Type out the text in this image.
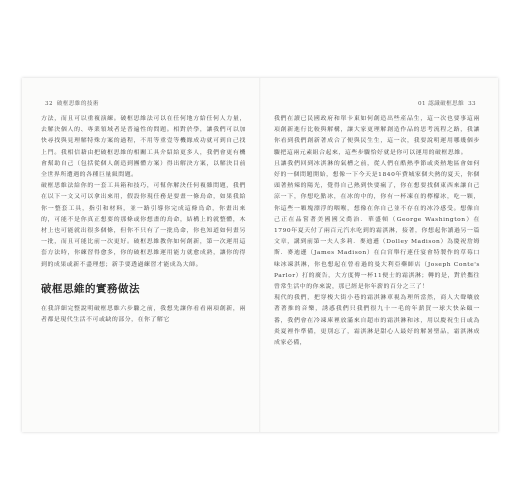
32 破框思維的技術

方法，而且可以重複演練。破框思維法可以在任何地方給任何人力量，去解決個人的、專業領域者是普遍性的問題。相對於學，讓我們可以加快尋找與見理解特殊方案的過程，不用等重壹等機緣成功就可到自己找上門。我相信藉由把破框思維的相關工具介紹給更多人，我們會更有機會幫助自己（包括從個人創造到團體方案）得出解決方案，以解決目前全世界所遭遇的各種巨量級問題。

破框思維法給你的一套工具箱和技巧，可幫你解決任何複雜問題，我們在以下一文又可以拿出來用，假設你現任務是要畫一條鳥命，如果我給你一整套工具，指引和材料，並一路引導你完成這條鳥命，你畫出來的，可能不是你真正想要的那條或你想畫的鳥命，結構上的就整體，木材上也可能就出很多個條，但你不只有了一批鳥命，你也知道如何畫另一批，而且可能比前一次更好。破框思維教你如何創新，第一次運用這套方法時，你練習得愈多，你的破框思維運用能力就愈成熟，讓你的得到的成果或新不盡理想；新手要透過練習才能成為大師。

破框思維的實務做法

在我詳細完整說明破框思維六步驟之前，我想先讓你看看兩項創新，兩者都是現代生活不可或缺的部分，在你了解它

01 認識破框思維 33

我們在讀已民國政府和單卡東如何創造出些產品生，這一次也要事這兩項創新進行比較與解構，讓大家更理解創造作品的思考流程之路，我讓你看到我們創新著成合了便與民生生，這一次，我要說明運用哪幾個步驟把這兩元素組合起來，這些步驟恰好就是你可以運用的破框思維。

且讓我們回到冰淇淋的氣槽之前，從人們在酷熱季節或炎熱地區會如何好的一個問題開始，想像一下今天是1840年費城家個夫熱的夏天，你個頭著熱辣的陽光，覺得自己熱到快要瘋了，你在想要找個東西來讓自己涼一下，你想吃點冰，在冰的中的，你有一杯凍在的檸檬冰，吃一顆，你這些一顆塊漂浮的咽喉，想像在你自己並不存在的冰冷感受。想像自己正在品嘗著美國國父喬治．華盛頓（George Washington）在1790年夏天付了兩百元汽水吃到的霜淇淋，接著，你想起你讀過另一篇文章，講到前第一夫人多莉．麥迪遜（Dolley Madison）為慶祝詹姆斯．麥迪遜（James Madison）在白宮舉行連任宴會特製作的草莓口味冰凍淇淋，你也想起在曾看過的曼大利亞藥師店（Joseph Conte's Parlor）打的廣告，大方度傳一杯11便士的霜淇淋；轉的是，對於攜往曾常生活中的你來說，那已經是你年薪的百分之三了！

現代的我們，把穿梭大街小巷的霜淇淋車視為理所當然，商人大聲嚷放著著推的音樂，誘惑我們只我們很九十一毛的年薪買一球大快朵頤一番，我們會在冷凍庫裡放滿來自超市的霜淇淋和冰，用以慶祝生日或為炎夏裡作準備，更別忘了，霜淇淋是甜心人最好的解暑聖品，霜淇淋成成家必備，
